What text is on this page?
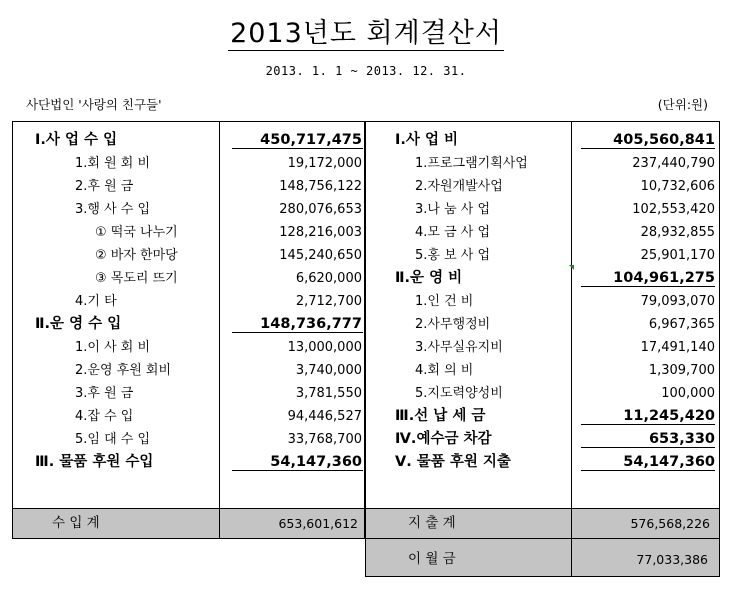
2013년도 회계결산서
2013. 1. 1 ~ 2013. 12. 31.
사단법인 '사랑의 친구들'	(단위:원)
Ⅰ.사 업 수 입	450,717,475
1.회 원 회 비	19,172,000
2.후 원 금	148,756,122
3.행 사 수 입	280,076,653
① 떡국 나누기	128,216,003
② 바자 한마당	145,240,650
③ 목도리 뜨기	6,620,000
4.기 타	2,712,700
Ⅱ.운 영 수 입	148,736,777
1.이 사 회 비	13,000,000
2.운영 후원 회비	3,740,000
3.후 원 금	3,781,550
4.잡 수 입	94,446,527
5.임 대 수 입	33,768,700
Ⅲ. 물품 후원 수입	54,147,360
Ⅰ.사 업 비	405,560,841
1.프로그램기획사업	237,440,790
2.자원개발사업	10,732,606
3.나 눔 사 업	102,553,420
4.모 금 사 업	28,932,855
5.홍 보 사 업	25,901,170
Ⅱ.운 영 비	104,961,275
1.인 건 비	79,093,070
2.사무행정비	6,967,365
3.사무실유지비	17,491,140
4.회 의 비	1,309,700
5.지도력양성비	100,000
Ⅲ.선 납 세 금	11,245,420
Ⅳ.예수금 차감	653,330
Ⅴ. 물품 후원 지출	54,147,360
수 입 계	653,601,612	지 출 계	576,568,226
이 월 금	77,033,386
